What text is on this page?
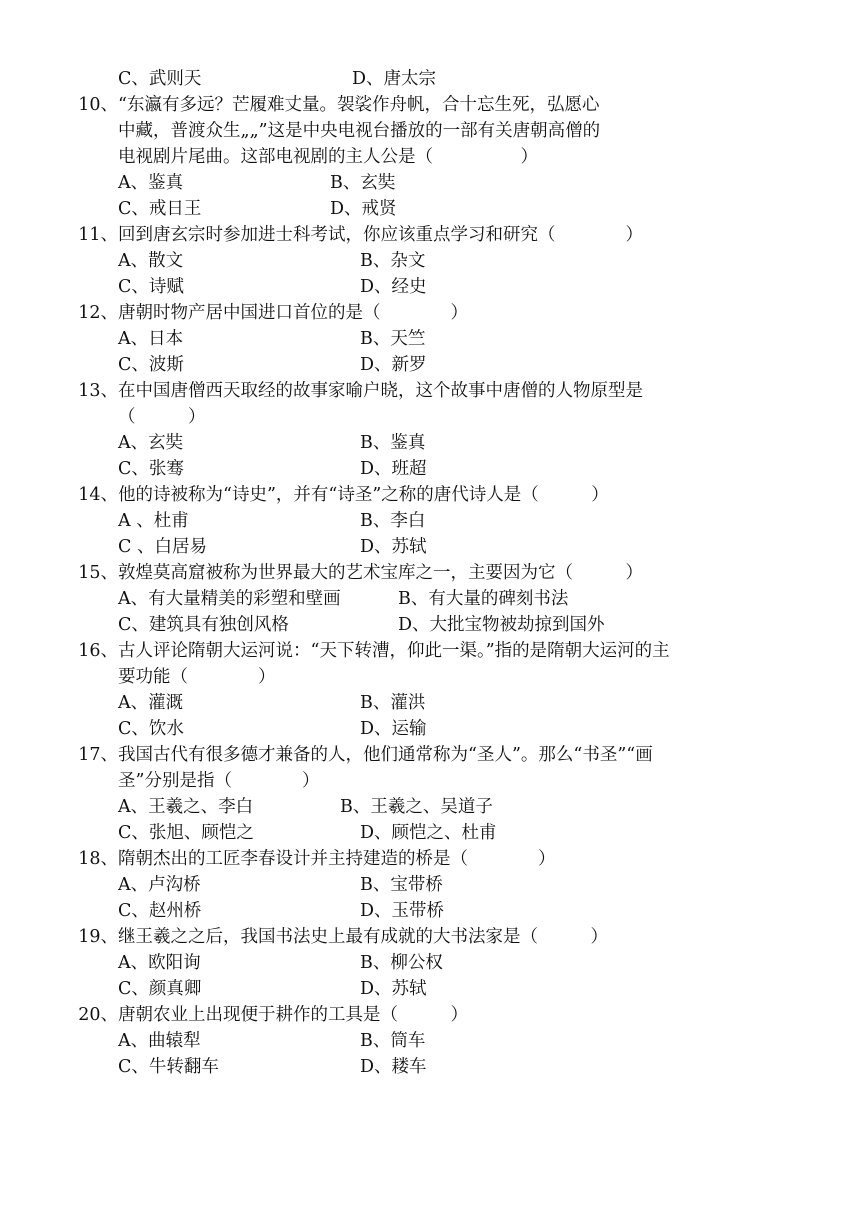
C、武则天	D、唐太宗
10、 “东瀛有多远？芒履难丈量。袈裟作舟帆，合十忘生死，弘愿心
中藏，普渡众生„„”这是中央电视台播放的一部有关唐朝高僧的
电视剧片尾曲。这部电视剧的主人公是（　　　　　）
A、鉴真	B、玄奘
C、戒日王	D、戒贤
11、 回到唐玄宗时参加进士科考试，你应该重点学习和研究（　　　　）
A、散文	B、杂文
C、诗赋	D、经史
12、 唐朝时物产居中国进口首位的是（　　　　）
A、日本	B、天竺
C、波斯	D、新罗
13、 在中国唐僧西天取经的故事家喻户晓，这个故事中唐僧的人物原型是
（　　　）
A、玄奘	B、鉴真
C、张骞	D、班超
14、 他的诗被称为“诗史”，并有“诗圣”之称的唐代诗人是（　　　）
A 、杜甫	B、李白
C 、白居易	D、苏轼
15、 敦煌莫高窟被称为世界最大的艺术宝库之一，主要因为它（　　　）
A、有大量精美的彩塑和壁画	B、有大量的碑刻书法
C、建筑具有独创风格	D、大批宝物被劫掠到国外
16、 古人评论隋朝大运河说：“天下转漕，仰此一渠。”指的是隋朝大运河的主
要功能（　　　　）
A、灌溉	B、灌洪
C、饮水	D、运输
17、 我国古代有很多德才兼备的人，他们通常称为“圣人”。那么“书圣”“画
圣”分别是指（　　　　）
A、王羲之、李白	B、王羲之、吴道子
C、张旭、顾恺之	D、顾恺之、杜甫
18、 隋朝杰出的工匠李春设计并主持建造的桥是（　　　　）
A、卢沟桥	B、宝带桥
C、赵州桥	D、玉带桥
19、 继王羲之之后，我国书法史上最有成就的大书法家是（　　　）
A、欧阳询	B、柳公权
C、颜真卿	D、苏轼
20、 唐朝农业上出现便于耕作的工具是（　　　）
A、曲辕犁	B、筒车
C、牛转翻车	D、耧车
